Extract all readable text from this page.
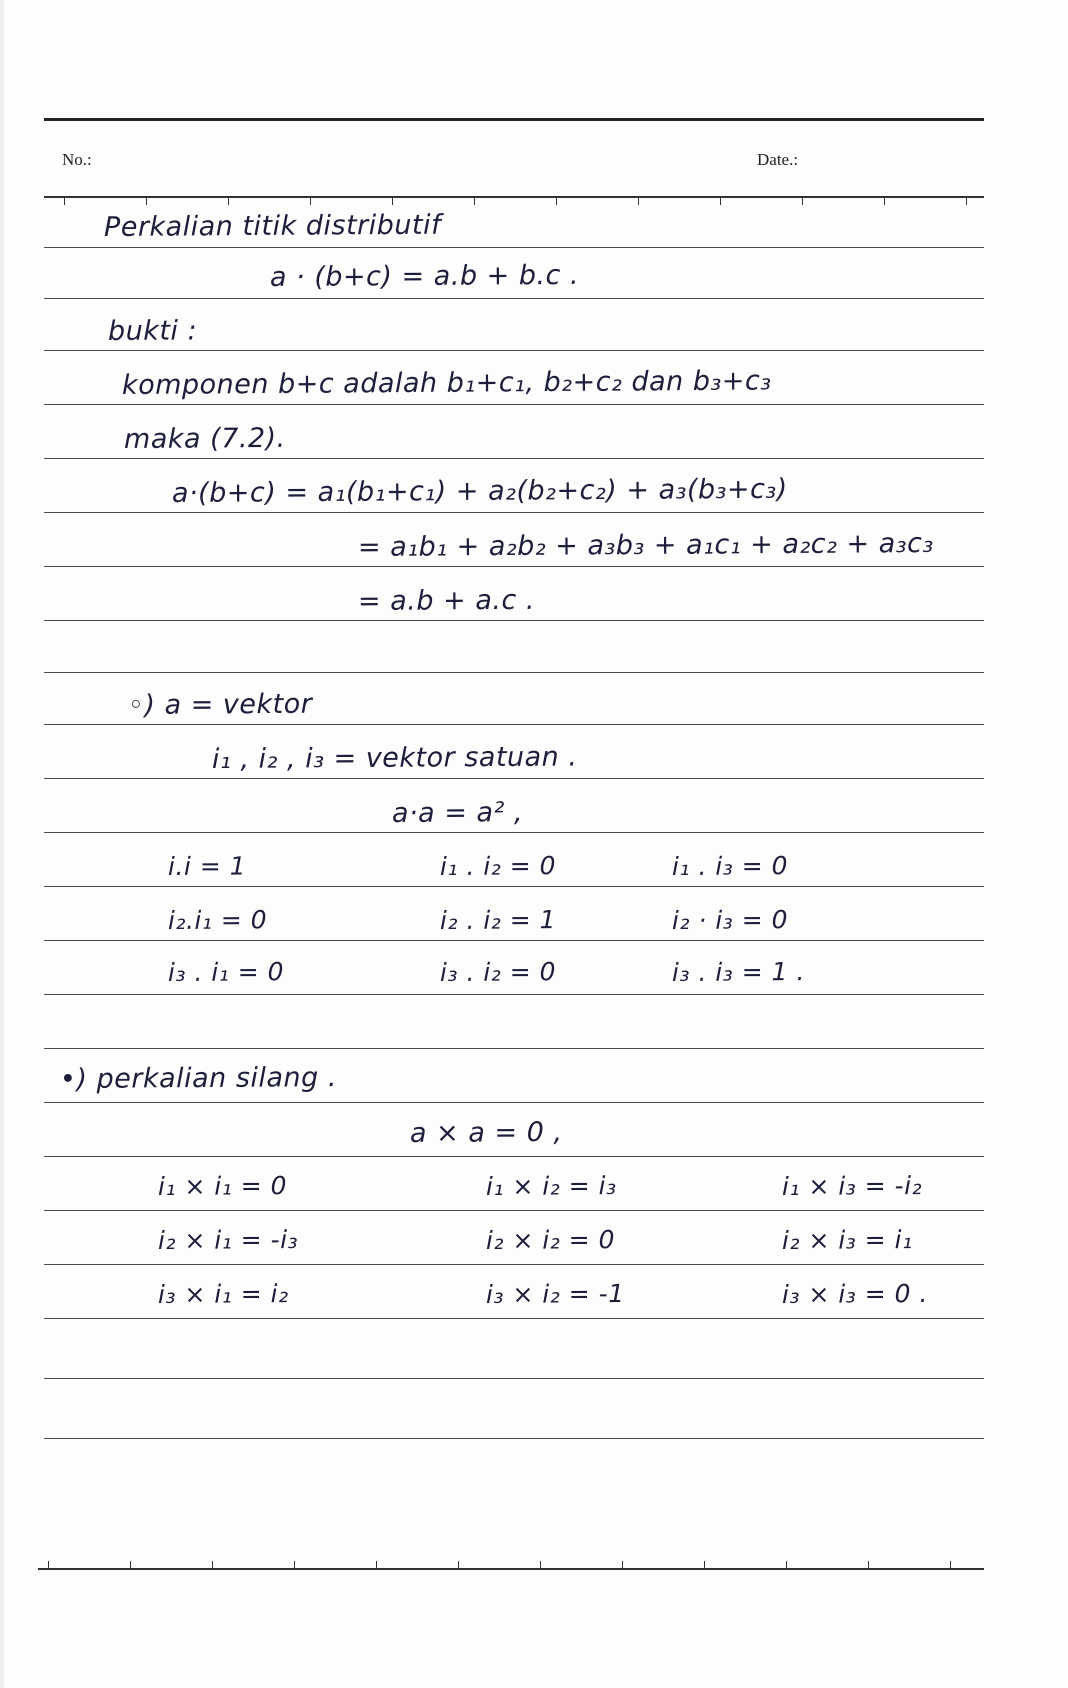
No.:	Date.:
Perkalian titik distributif
a · (b+c) = a.b + b.c .
bukti :
komponen b+c adalah b₁+c₁, b₂+c₂ dan b₃+c₃
maka (7.2).
a·(b+c) = a₁(b₁+c₁) + a₂(b₂+c₂) + a₃(b₃+c₃)
= a₁b₁ + a₂b₂ + a₃b₃ + a₁c₁ + a₂c₂ + a₃c₃
= a.b + a.c .
◦) a = vektor
i₁ , i₂ , i₃ = vektor satuan .
a·a = a² ,
i.i = 1	i₁ . i₂ = 0	i₁ . i₃ = 0
i₂.i₁ = 0	i₂ . i₂ = 1	i₂ · i₃ = 0
i₃ . i₁ = 0	i₃ . i₂ = 0	i₃ . i₃ = 1 .
•) perkalian silang .
a × a = 0 ,
i₁ × i₁ = 0	i₁ × i₂ = i₃	i₁ × i₃ = -i₂
i₂ × i₁ = -i₃	i₂ × i₂ = 0	i₂ × i₃ = i₁
i₃ × i₁ = i₂	i₃ × i₂ = -1	i₃ × i₃ = 0 .
